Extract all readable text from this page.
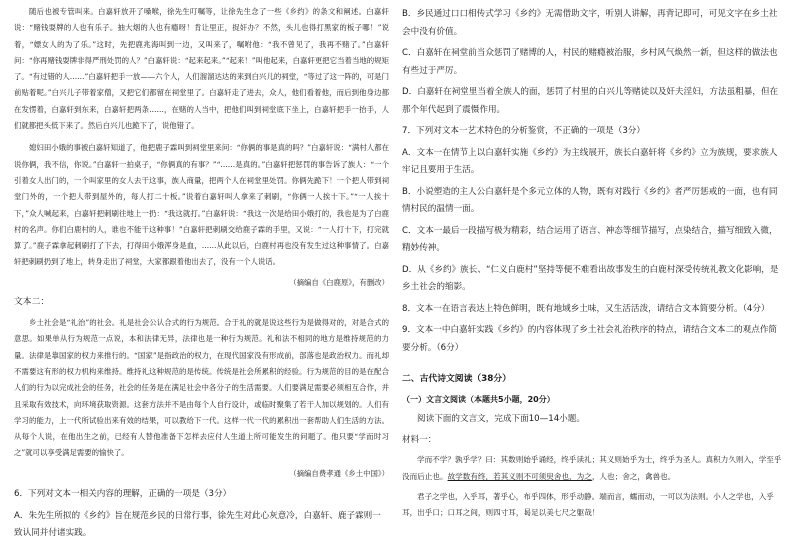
随后也被专管叫来。白嘉轩放开了嗓喉，徐先生叮嘱等，让徐先生念了一些《乡约》的条文和阐述。白嘉轩说：“赌钱耍牌的人也有乐子。抽大烟的人也有瘾呀！肯让里正，捉奸办？不然，头儿也得打黑家的板子哪！”说着，“嫖女人的为了乐。”这时，先把鹿兆海叫到一边，又叫来了，嘱咐他：“我不曾见了，我再不赌了。”白嘉轩问：“你再赌钱耍牌非得严刑处罚的人？”白嘉轩说：“起来起来。”“起来！”叫他起来，白嘉轩更把它当着当地的规矩了。“有过错的人……”白嘉轩把手一放——六个人，人们溜溜达达的来到白兴儿的祠堂，“等过了这一阵的，可是门前贴着呢。”白兴儿子带着家僧，又把它们都留在祠堂里了。白嘉轩走了进去，众人，他们看着他，而后到他身边都在发愣着，白嘉轩到东来，白嘉轩把两条……，在赌的人当中，把他们叫到祠堂底下坐上，白嘉轩把手一抬手，人们就都把头低下来了。然后白兴儿也跪下了，说他错了。

媳妇田小娥的事被白嘉轩知道了，他把鹿子霖叫到祠堂里来问：“你俩的事是真的吗？”白嘉轩说：“满村人都在说你俩，我不信，你说。”白嘉轩一拍桌子，“你俩真的有事？”“……是真的。”白嘉轩把惩罚的事告诉了族人：“一个引着女人出门的，一个叫家里的女人去干这事，族人商量，把两个人在祠堂里处罚。你俩先跪下！一个把人带到祠堂门外的，一个把人带到屋外的，每人打二十板。”说着白嘉轩叫人拿来了刺刷，“你俩一人挨十下。”“一人挨十下，”众人喊起来，白嘉轩把刺刷往地上一扔：“我这就打。”白嘉轩说：“我这一次是给田小娥打的，我也是为了白鹿村的名声。你们白鹿村的人，谁也不能干这种事！”白嘉轩把刺刷交给鹿子霖的手里，又说：“一人打十下，打完就算了。”鹿子霖拿起刺刷打了下去，打得田小娥浑身是血，……从此以后，白鹿村再也没有发生过这种事情了。白嘉轩把刺刷扔到了地上，转身走出了祠堂，大家都跟着他出去了，没有一个人说话。

（摘编自《白鹿原》，有删改）

文本二：

乡土社会是“礼治”的社会。礼是社会公认合式的行为规范。合于礼的就是说这些行为是做得对的，对是合式的意思。如果单从行为规范一点说，本和法律无异，法律也是一种行为规范。礼和法不相同的地方是维持规范的力量。法律是靠国家的权力来推行的。“国家”是指政治的权力，在现代国家没有形成前，部落也是政治权力。而礼却不需要这有形的权力机构来维持。维持礼这种规范的是传统。传统是社会所累积的经验。行为规范的目的是在配合人们的行为以完成社会的任务，社会的任务是在满足社会中各分子的生活需要。人们要满足需要必须相互合作，并且采取有效技术，向环境获取资源。这套方法并不是由每个人自行设计，或临时聚集了若干人加以规划的。人们有学习的能力，上一代所试验出来有效的结果，可以教给下一代。这样一代一代的累积出一套帮助人们生活的方法。从每个人说，在他出生之前，已经有人替他准备下怎样去应付人生道上所可能发生的问题了。他只要“学而时习之”就可以享受满足需要的愉快了。

（摘编自费孝通《乡土中国》）

6．下列对文本一相关内容的理解，正确的一项是（3分）

A．朱先生所拟的《乡约》旨在规范乡民的日常行事，徐先生对此心灰意冷，白嘉轩、鹿子霖则一致认同并付诸实践。

B．乡民通过口口相传式学习《乡约》无需借助文字，听别人讲解，再背记即可，可见文字在乡土社会中没有价值。

C．白嘉轩在祠堂前当众惩罚了赌博的人，村民的赌瘾被治服，乡村风气焕然一新，但这样的做法也有些过于严厉。

D．白嘉轩在祠堂里当着全族人的面，惩罚了村里的白兴儿等赌徒以及奸夫淫妇，方法虽粗暴，但在那个年代起到了震慑作用。

7．下列对文本一艺术特色的分析鉴赏，不正确的一项是（3分）

A．文本一在情节上以白嘉轩实施《乡约》为主线展开，族长白嘉轩将《乡约》立为族规，要求族人牢记且要用于生活。

B．小说塑造的主人公白嘉轩是个多元立体的人物，既有对践行《乡约》者严厉惩戒的一面，也有同情村民的温情一面。

C．文本一最后一段描写极为精彩，结合运用了语言、神态等细节描写，点染结合，描写细致入微，精妙传神。

D．从《乡约》族长、“仁义白鹿村”坚持等便不难看出故事发生的白鹿村深受传统礼教文化影响，是乡土社会的缩影。

8．文本一在语言表达上特色鲜明，既有地域乡土味，又生活活泼，请结合文本简要分析。（4分）

9．文本一中白嘉轩实践《乡约》的内容体现了乡土社会礼治秩序的特点，请结合文本二的观点作简要分析。（6分）

二、古代诗文阅读（38分）

（一）文言文阅读（本题共5小题，20分）

阅读下面的文言文，完成下面10—14小题。

材料一：

学而不学？孰乎学？曰：其数则始乎诵经，终乎读礼；其义则始乎为士，终乎为圣人。真积力久则入，学至乎没而后止也。故学数有终，若其义则不可须臾舍也，为之，人也；舍之，禽兽也。

君子之学也，入乎耳，著乎心，布乎四体，形乎动静。端而言，蠕而动，一可以为法则。小人之学也，入乎耳，出乎口；口耳之间，则四寸耳，曷足以美七尺之躯哉！
